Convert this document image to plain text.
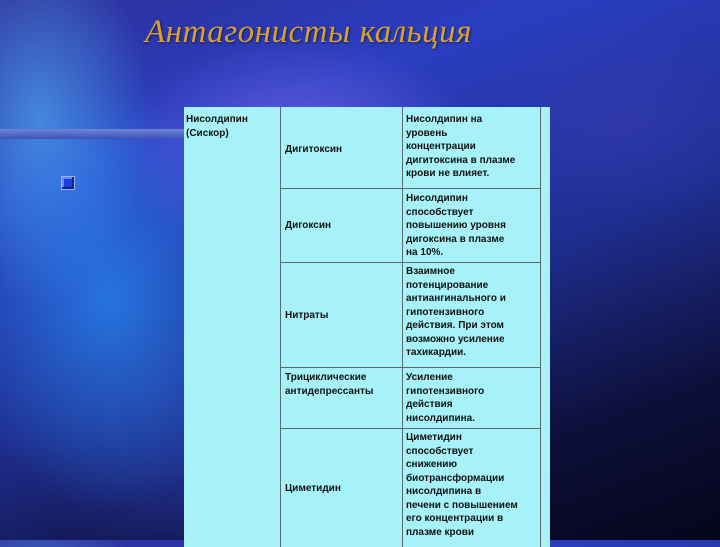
Антагонисты кальция
Нисолдипин
(Сискор)
Дигитоксин
Дигоксин
Нитраты
Трициклические
антидепрессанты
Циметидин
Нисолдипин на
уровень
концентрации
дигитоксина в плазме
крови не влияет.
Нисолдипин
способствует
повышению уровня
дигоксина в плазме
на 10%.
Взаимное
потенцирование
антиангинального и
гипотензивного
действия. При этом
возможно усиление
тахикардии.
Усиление
гипотензивного
действия
нисолдипина.
Циметидин
способствует
снижению
биотрансформации
нисолдипина в
печени с повышением
его концентрации в
плазме крови
